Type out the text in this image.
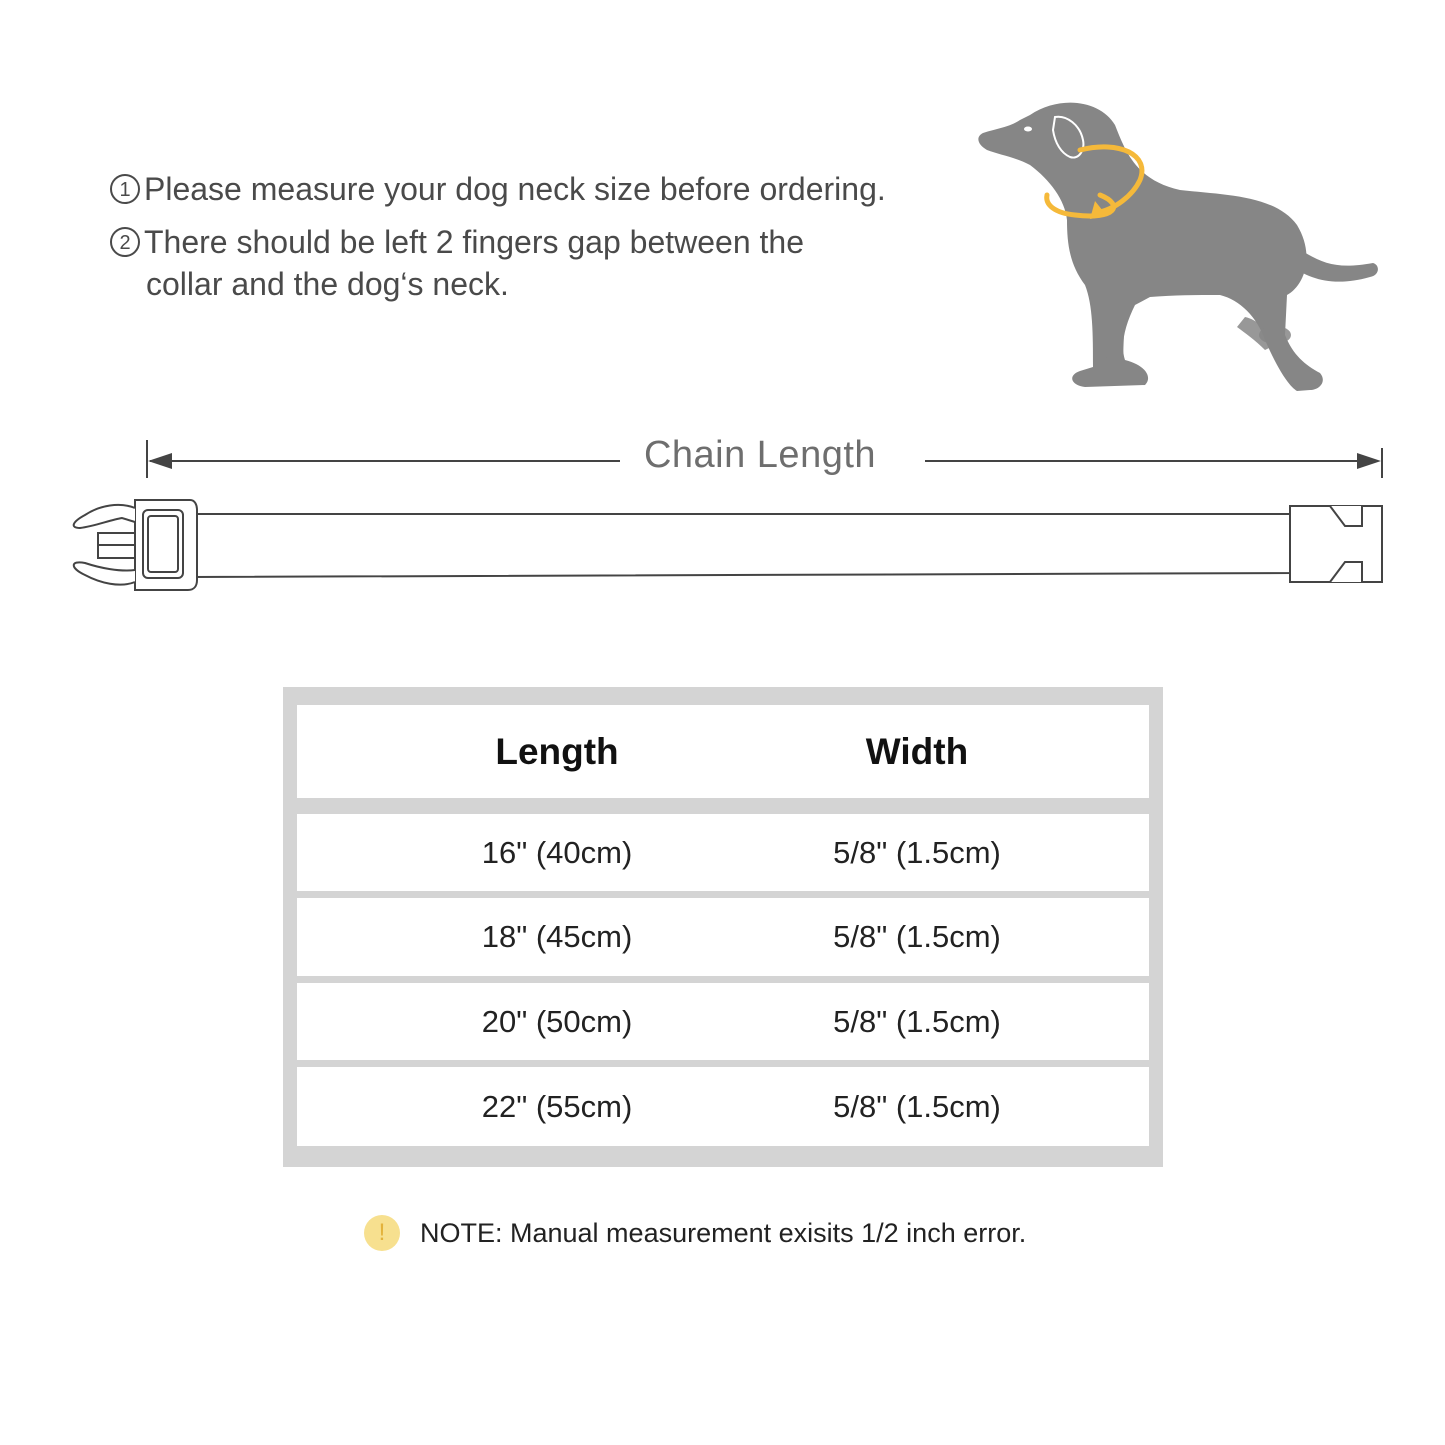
1 Please measure your dog neck size before ordering.
2 There should be left 2 fingers gap between the
collar and the dog‘s neck.
Chain Length
Length	Width
16" (40cm)	5/8" (1.5cm)
18" (45cm)	5/8" (1.5cm)
20" (50cm)	5/8" (1.5cm)
22" (55cm)	5/8" (1.5cm)
!	NOTE: Manual measurement exisits 1/2 inch error.
